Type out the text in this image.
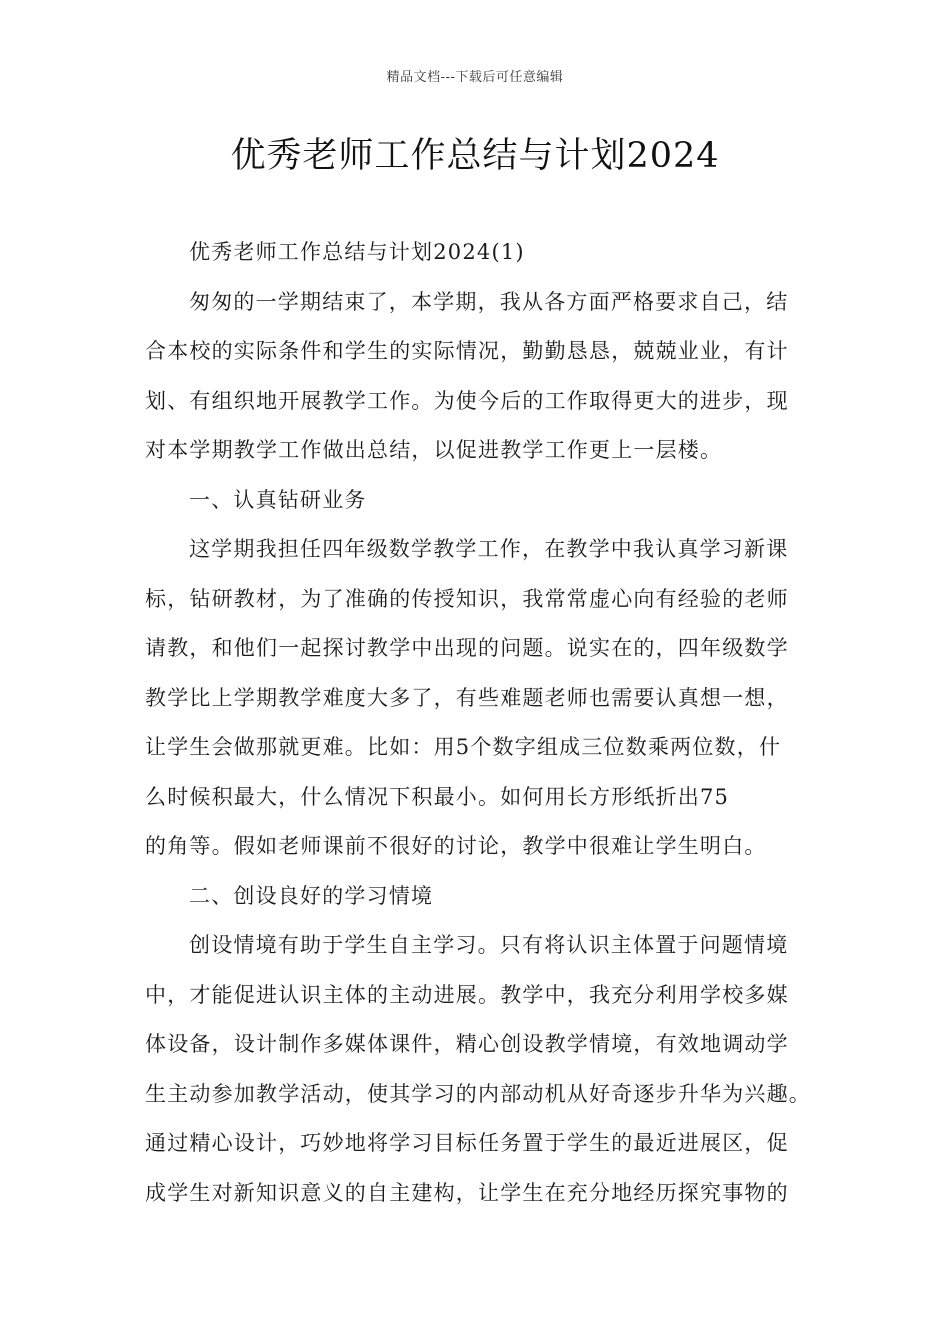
精品文档---下载后可任意编辑
优秀老师工作总结与计划2024
优秀老师工作总结与计划2024(1)
匆匆的一学期结束了，本学期，我从各方面严格要求自己，结
合本校的实际条件和学生的实际情况，勤勤恳恳，兢兢业业，有计
划、有组织地开展教学工作。为使今后的工作取得更大的进步，现
对本学期教学工作做出总结，以促进教学工作更上一层楼。
一、认真钻研业务
这学期我担任四年级数学教学工作，在教学中我认真学习新课
标，钻研教材，为了准确的传授知识，我常常虚心向有经验的老师
请教，和他们一起探讨教学中出现的问题。说实在的，四年级数学
教学比上学期教学难度大多了，有些难题老师也需要认真想一想，
让学生会做那就更难。比如：用5个数字组成三位数乘两位数，什
么时候积最大，什么情况下积最小。如何用长方形纸折出75
的角等。假如老师课前不很好的讨论，教学中很难让学生明白。
二、创设良好的学习情境
创设情境有助于学生自主学习。只有将认识主体置于问题情境
中，才能促进认识主体的主动进展。教学中，我充分利用学校多媒
体设备，设计制作多媒体课件，精心创设教学情境，有效地调动学
生主动参加教学活动，使其学习的内部动机从好奇逐步升华为兴趣。
通过精心设计，巧妙地将学习目标任务置于学生的最近进展区，促
成学生对新知识意义的自主建构，让学生在充分地经历探究事物的
